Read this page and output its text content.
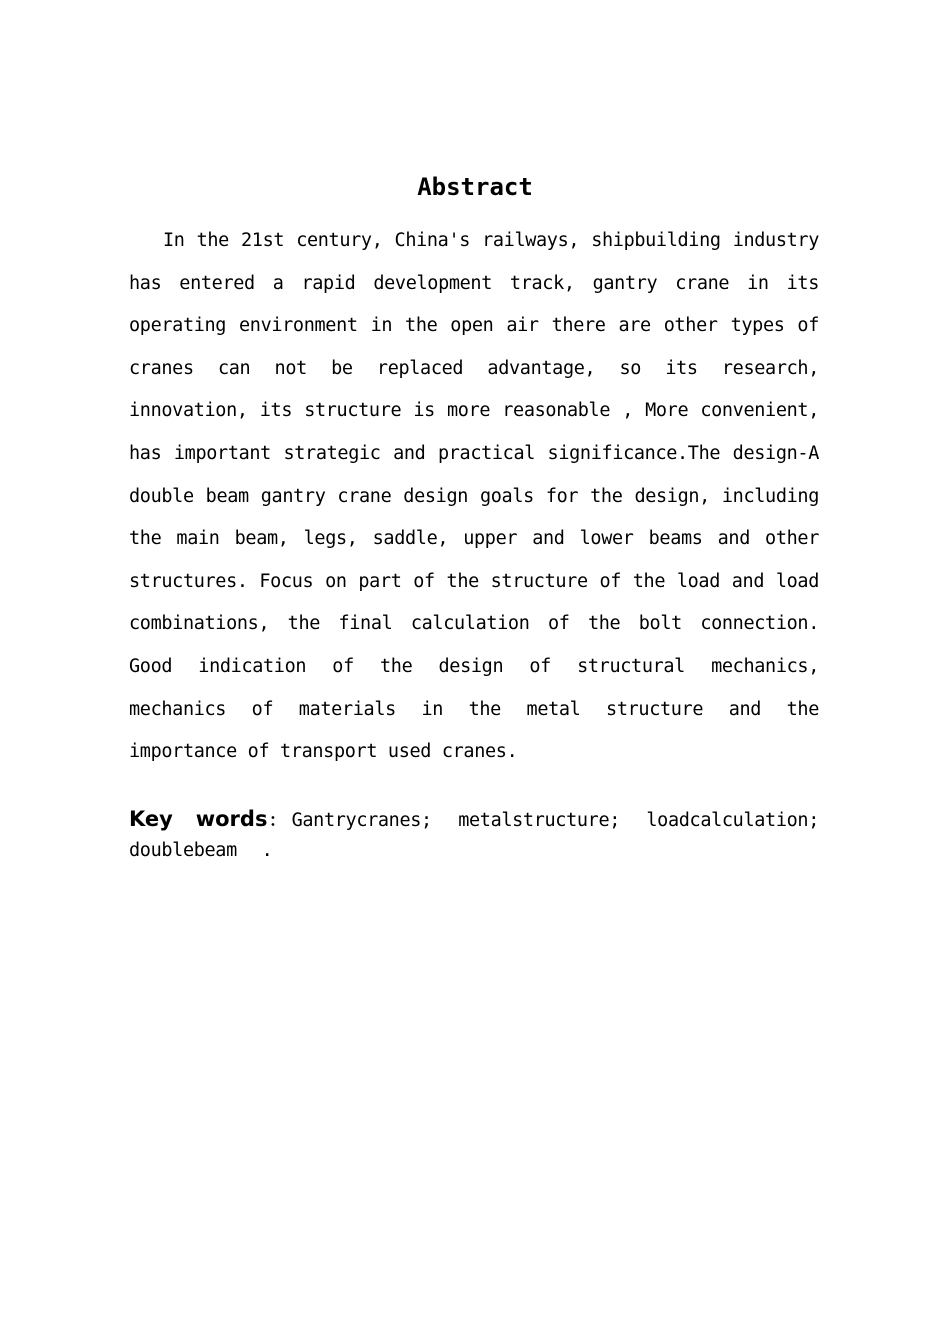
Abstract

In the 21st century, China's railways, shipbuilding industry has entered a rapid development track, gantry crane in its operating environment in the open air there are other types of cranes can not be replaced advantage, so its research, innovation, its structure is more reasonable , More convenient, has important strategic and practical significance.The design-A double beam gantry crane design goals for the design, including the main beam, legs, saddle, upper and lower beams and other structures. Focus on part of the structure of the load and load combinations, the final calculation of the bolt connection. Good indication of the design of structural mechanics, mechanics of materials in the metal structure and the importance of transport used cranes.

Key words： Gantrycranes; metalstructure; loadcalculation; doublebeam .
